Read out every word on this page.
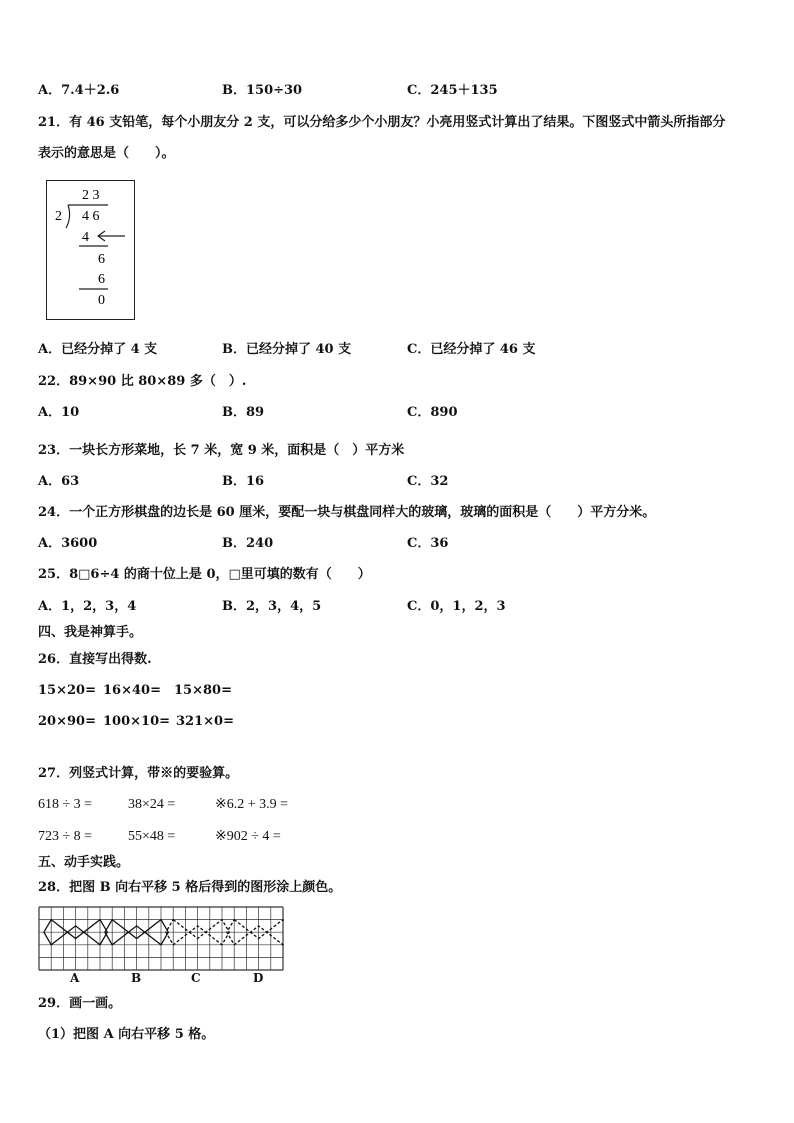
A．7.4＋2.6	B．150÷30	C．245＋135
21．有 46 支铅笔，每个小朋友分 2 支，可以分给多少个小朋友？小亮用竖式计算出了结果。下图竖式中箭头所指部分
表示的意思是（　　）。
2 3
2 4 6
4
6
6
0
A．已经分掉了 4 支	B．已经分掉了 40 支	C．已经分掉了 46 支
22．89×90 比 80×89 多（　）.
A．10	B．89	C．890
23．一块长方形菜地，长 7 米，宽 9 米，面积是（　）平方米
A．63	B．16	C．32
24．一个正方形棋盘的边长是 60 厘米，要配一块与棋盘同样大的玻璃，玻璃的面积是（　　）平方分米。
A．3600	B．240	C．36
25．8□6÷4 的商十位上是 0，□里可填的数有（　　）
A．1，2，3，4	B．2，3，4，5	C．0，1，2，3
四、我是神算手。
26．直接写出得数.
15×20= 16×40= 15×80=
20×90= 100×10= 321×0=
27．列竖式计算，带※的要验算。
618 ÷ 3 =	38×24 =	※6.2 + 3.9 =
723 ÷ 8 =	55×48 =	※902 ÷ 4 =
五、动手实践。
28．把图 B 向右平移 5 格后得到的图形涂上颜色。
A	B	C	D
29．画一画。
（1）把图 A 向右平移 5 格。
